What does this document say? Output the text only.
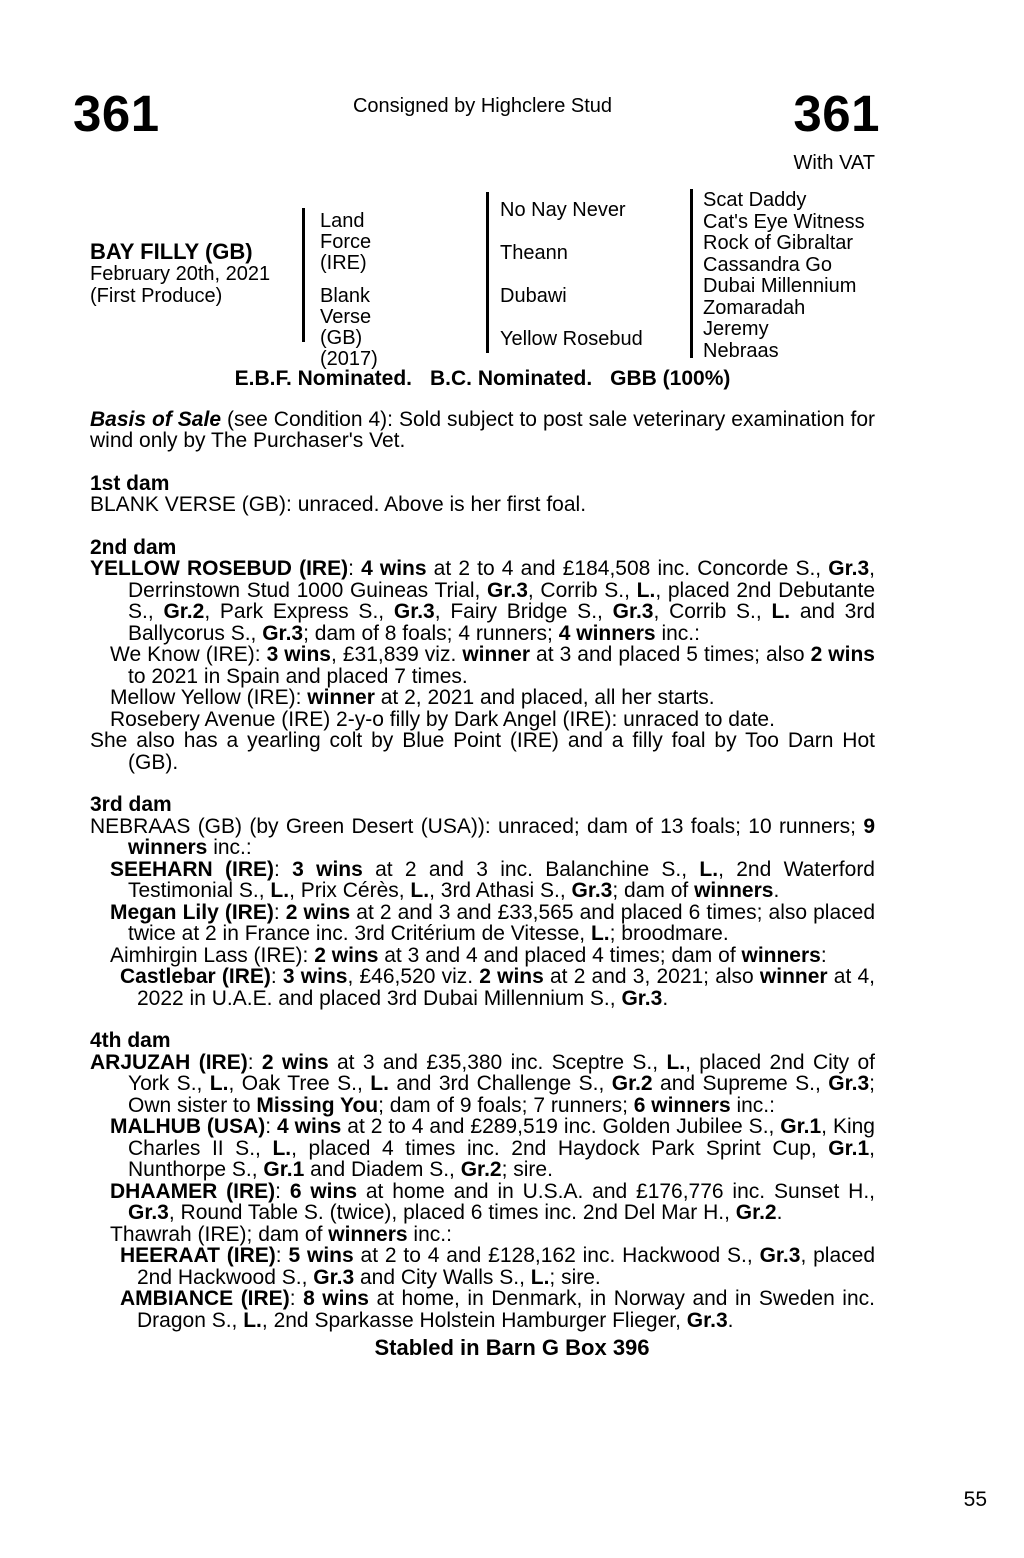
361	Consigned by Highclere Stud	361
With VAT
BAY FILLY (GB)
February 20th, 2021
(First Produce)
Land Force
(IRE)
Blank Verse
(GB)
(2017)
No Nay Never
Theann
Dubawi
Yellow Rosebud
Scat Daddy
Cat's Eye Witness
Rock of Gibraltar
Cassandra Go
Dubai Millennium
Zomaradah
Jeremy
Nebraas
E.B.F. Nominated. B.C. Nominated. GBB (100%)

Basis of Sale (see Condition 4): Sold subject to post sale veterinary examination for wind only by The Purchaser's Vet.

1st dam

BLANK VERSE (GB): unraced. Above is her first foal.

2nd dam

YELLOW ROSEBUD (IRE): 4 wins at 2 to 4 and £184,508 inc. Concorde S., Gr.3, Derrinstown Stud 1000 Guineas Trial, Gr.3, Corrib S., L., placed 2nd Debutante S., Gr.2, Park Express S., Gr.3, Fairy Bridge S., Gr.3, Corrib S., L. and 3rd Ballycorus S., Gr.3; dam of 8 foals; 4 runners; 4 winners inc.:

We Know (IRE): 3 wins, £31,839 viz. winner at 3 and placed 5 times; also 2 wins to 2021 in Spain and placed 7 times.

Mellow Yellow (IRE): winner at 2, 2021 and placed, all her starts.

Rosebery Avenue (IRE) 2-y-o filly by Dark Angel (IRE): unraced to date.

She also has a yearling colt by Blue Point (IRE) and a filly foal by Too Darn Hot (GB).

3rd dam

NEBRAAS (GB) (by Green Desert (USA)): unraced; dam of 13 foals; 10 runners; 9 winners inc.:

SEEHARN (IRE): 3 wins at 2 and 3 inc. Balanchine S., L., 2nd Waterford Testimonial S., L., Prix Cérès, L., 3rd Athasi S., Gr.3; dam of winners.

Megan Lily (IRE): 2 wins at 2 and 3 and £33,565 and placed 6 times; also placed twice at 2 in France inc. 3rd Critérium de Vitesse, L.; broodmare.

Aimhirgin Lass (IRE): 2 wins at 3 and 4 and placed 4 times; dam of winners:

Castlebar (IRE): 3 wins, £46,520 viz. 2 wins at 2 and 3, 2021; also winner at 4, 2022 in U.A.E. and placed 3rd Dubai Millennium S., Gr.3.

4th dam

ARJUZAH (IRE): 2 wins at 3 and £35,380 inc. Sceptre S., L., placed 2nd City of York S., L., Oak Tree S., L. and 3rd Challenge S., Gr.2 and Supreme S., Gr.3; Own sister to Missing You; dam of 9 foals; 7 runners; 6 winners inc.:

MALHUB (USA): 4 wins at 2 to 4 and £289,519 inc. Golden Jubilee S., Gr.1, King Charles II S., L., placed 4 times inc. 2nd Haydock Park Sprint Cup, Gr.1, Nunthorpe S., Gr.1 and Diadem S., Gr.2; sire.

DHAAMER (IRE): 6 wins at home and in U.S.A. and £176,776 inc. Sunset H., Gr.3, Round Table S. (twice), placed 6 times inc. 2nd Del Mar H., Gr.2.

Thawrah (IRE); dam of winners inc.:

HEERAAT (IRE): 5 wins at 2 to 4 and £128,162 inc. Hackwood S., Gr.3, placed 2nd Hackwood S., Gr.3 and City Walls S., L.; sire.

AMBIANCE (IRE): 8 wins at home, in Denmark, in Norway and in Sweden inc. Dragon S., L., 2nd Sparkasse Holstein Hamburger Flieger, Gr.3.

Stabled in Barn G Box 396
55
